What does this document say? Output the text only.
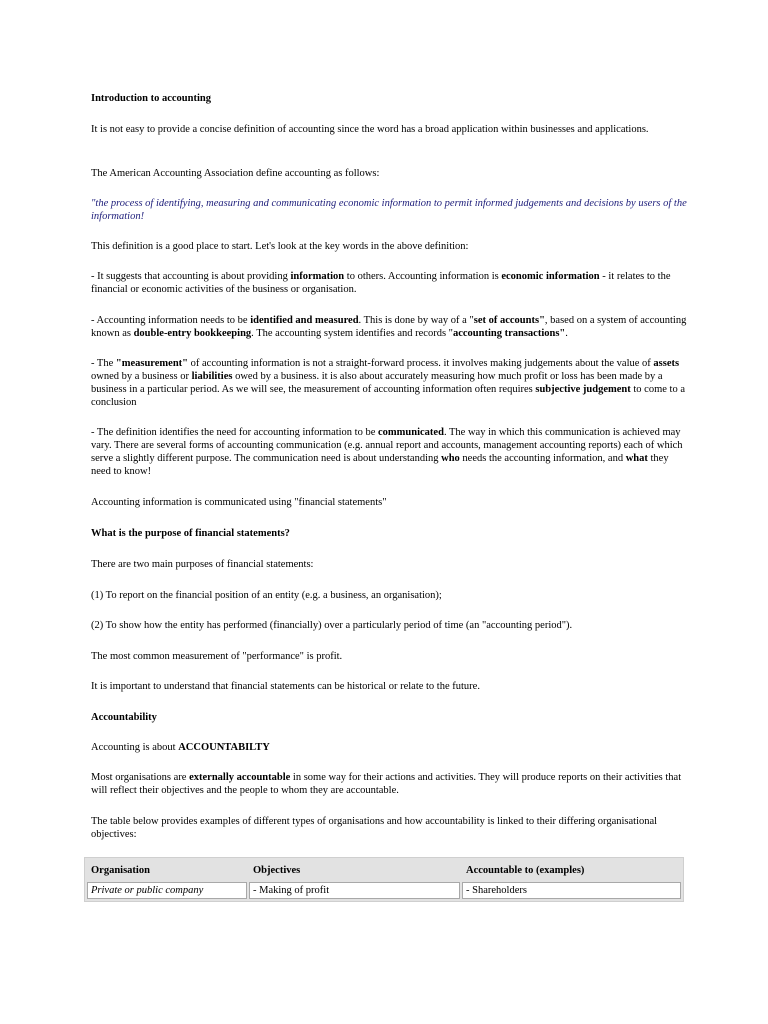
Introduction to accounting
It is not easy to provide a concise definition of accounting since the word has a broad application within businesses and applications.
The American Accounting Association define accounting as follows:
"the process of identifying, measuring and communicating economic information to permit informed judgements and decisions by users of the information!
This definition is a good place to start. Let's look at the key words in the above definition:
- It suggests that accounting is about providing information to others. Accounting information is economic information - it relates to the financial or economic activities of the business or organisation.
- Accounting information needs to be identified and measured. This is done by way of a "set of accounts", based on a system of accounting known as double-entry bookkeeping. The accounting system identifies and records "accounting transactions".
- The "measurement" of accounting information is not a straight-forward process. it involves making judgements about the value of assets owned by a business or liabilities owed by a business. it is also about accurately measuring how much profit or loss has been made by a business in a particular period. As we will see, the measurement of accounting information often requires subjective judgement to come to a conclusion
- The definition identifies the need for accounting information to be communicated. The way in which this communication is achieved may vary. There are several forms of accounting communication (e.g. annual report and accounts, management accounting reports) each of which serve a slightly different purpose. The communication need is about understanding who needs the accounting information, and what they need to know!
Accounting information is communicated using "financial statements"
What is the purpose of financial statements?
There are two main purposes of financial statements:
(1) To report on the financial position of an entity (e.g. a business, an organisation);
(2) To show how the entity has performed (financially) over a particularly period of time (an "accounting period").
The most common measurement of "performance" is profit.
It is important to understand that financial statements can be historical or relate to the future.
Accountability
Accounting is about ACCOUNTABILTY
Most organisations are externally accountable in some way for their actions and activities. They will produce reports on their activities that will reflect their objectives and the people to whom they are accountable.
The table below provides examples of different types of organisations and how accountability is linked to their differing organisational objectives:
Organisation	Objectives	Accountable to (examples)
Private or public company	- Making of profit	- Shareholders
